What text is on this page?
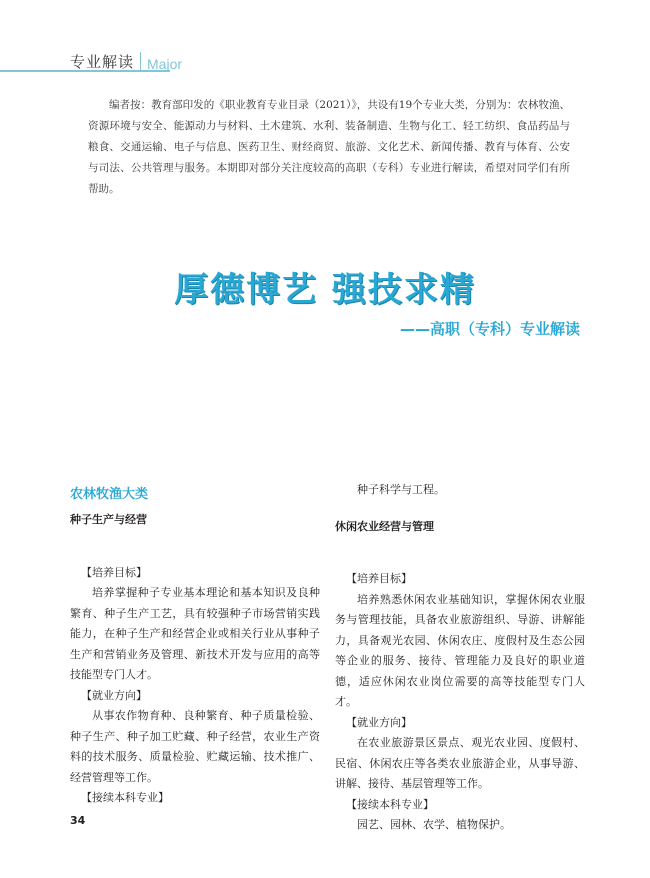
专业解读 Major

编者按：教育部印发的《职业教育专业目录（2021）》，共设有19个专业大类，分别为：农林牧渔、资源环境与安全、能源动力与材料、土木建筑、水利、装备制造、生物与化工、轻工纺织、食品药品与粮食、交通运输、电子与信息、医药卫生、财经商贸、旅游、文化艺术、新闻传播、教育与体育、公安与司法、公共管理与服务。本期即对部分关注度较高的高职（专科）专业进行解读，希望对同学们有所帮助。

厚德博艺 强技求精
——高职（专科）专业解读

农林牧渔大类

种子生产与经营

【培养目标】

培养掌握种子专业基本理论和基本知识及良种繁育、种子生产工艺，具有较强种子市场营销实践能力，在种子生产和经营企业或相关行业从事种子生产和营销业务及管理、新技术开发与应用的高等技能型专门人才。

【就业方向】

从事农作物育种、良种繁育、种子质量检验、种子生产、种子加工贮藏、种子经营，农业生产资料的技术服务、质量检验、贮藏运输、技术推广、经营管理等工作。

【接续本科专业】

种子科学与工程。

休闲农业经营与管理

【培养目标】

培养熟悉休闲农业基础知识，掌握休闲农业服务与管理技能，具备农业旅游组织、导游、讲解能力，具备观光农园、休闲农庄、度假村及生态公园等企业的服务、接待、管理能力及良好的职业道德，适应休闲农业岗位需要的高等技能型专门人才。

【就业方向】

在农业旅游景区景点、观光农业园、度假村、民宿、休闲农庄等各类农业旅游企业，从事导游、讲解、接待、基层管理等工作。

【接续本科专业】

园艺、园林、农学、植物保护。

34
